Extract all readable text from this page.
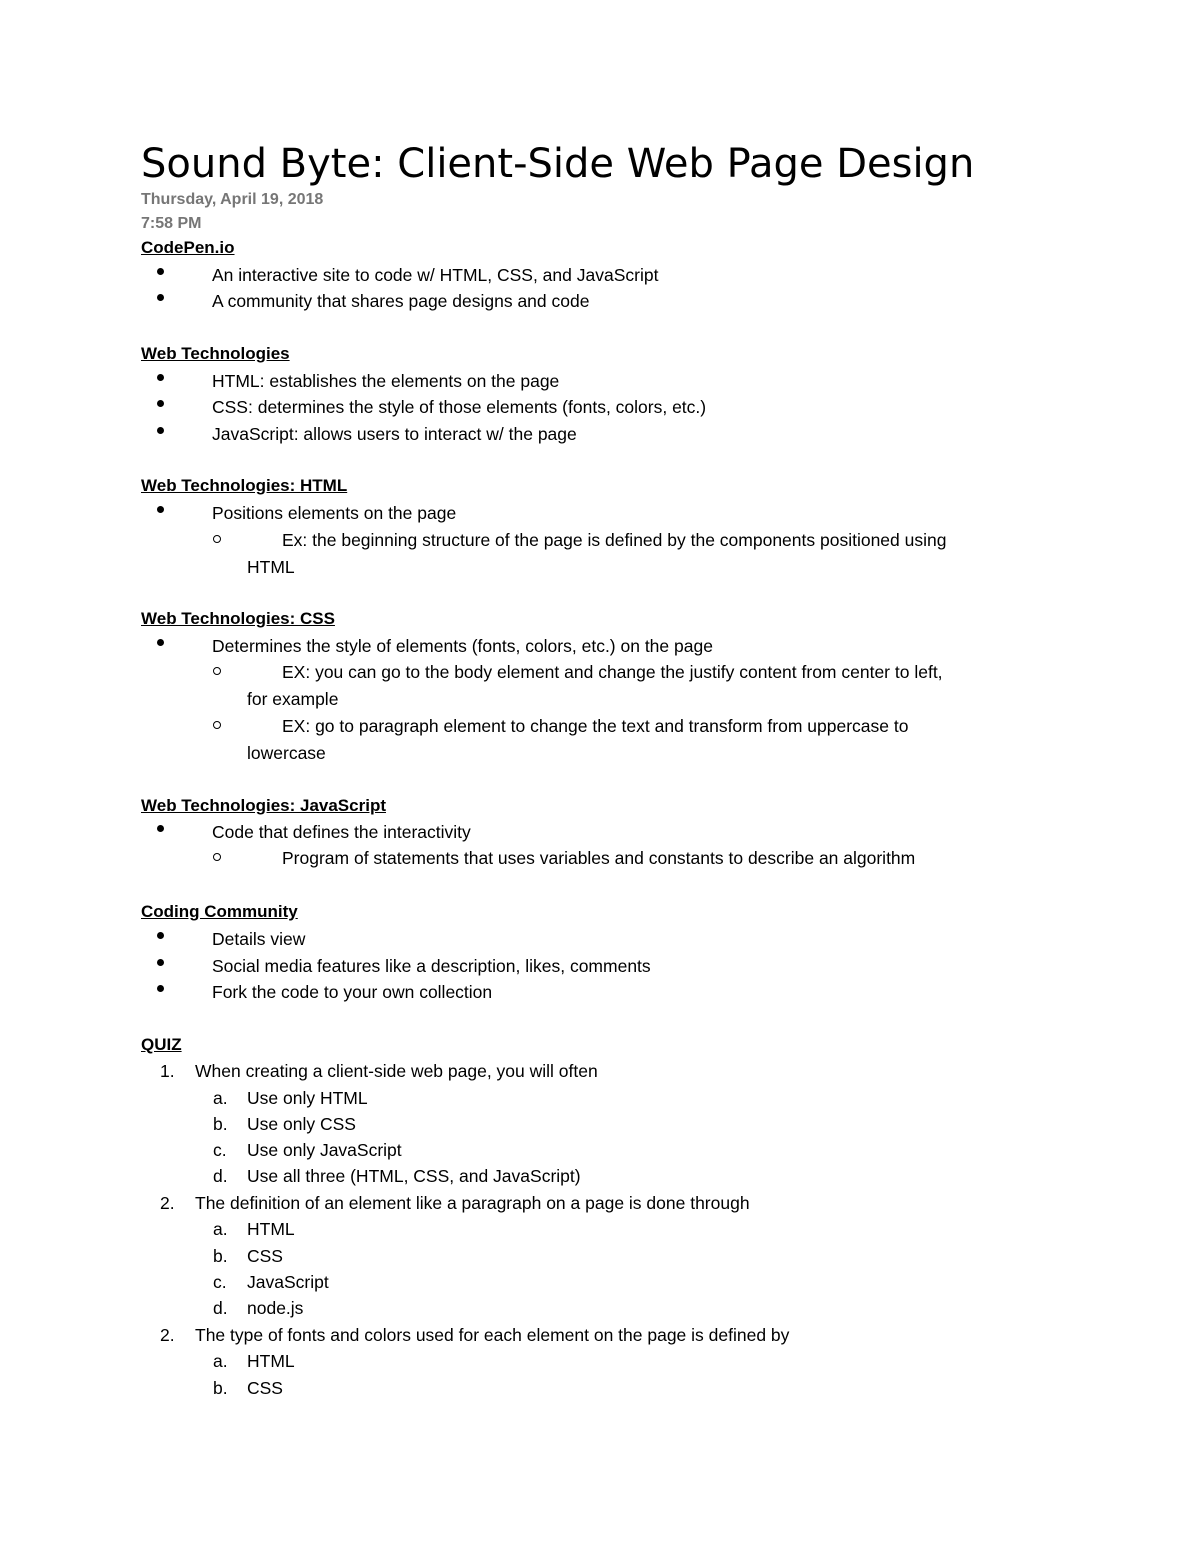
Sound Byte: Client-Side Web Page Design
Thursday, April 19, 2018
7:58 PM
CodePen.io
An interactive site to code w/ HTML, CSS, and JavaScript
A community that shares page designs and code
Web Technologies
HTML: establishes the elements on the page
CSS: determines the style of those elements (fonts, colors, etc.)
JavaScript: allows users to interact w/ the page
Web Technologies: HTML
Positions elements on the page
Ex: the beginning structure of the page is defined by the components positioned using
HTML
Web Technologies: CSS
Determines the style of elements (fonts, colors, etc.) on the page
EX: you can go to the body element and change the justify content from center to left,
for example
EX: go to paragraph element to change the text and transform from uppercase to
lowercase
Web Technologies: JavaScript
Code that defines the interactivity
Program of statements that uses variables and constants to describe an algorithm
Coding Community
Details view
Social media features like a description, likes, comments
Fork the code to your own collection
QUIZ
1. When creating a client-side web page, you will often
a. Use only HTML
b. Use only CSS
c. Use only JavaScript
d. Use all three (HTML, CSS, and JavaScript)
2. The definition of an element like a paragraph on a page is done through
a. HTML
b. CSS
c. JavaScript
d. node.js
2. The type of fonts and colors used for each element on the page is defined by
a. HTML
b. CSS
